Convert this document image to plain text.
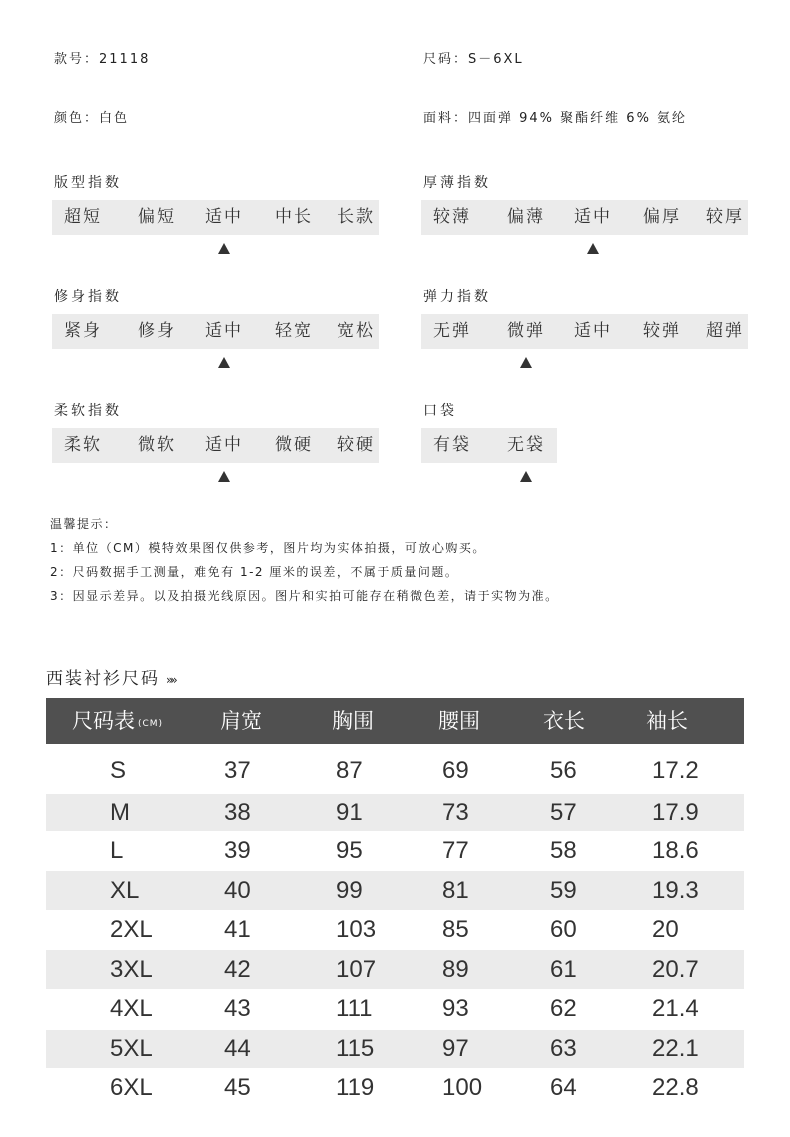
款号：21118	尺码：S－6XL
颜色：白色	面料：四面弹 94% 聚酯纤维 6% 氨纶
版型指数
超短	偏短	适中	中长	长款
厚薄指数
较薄	偏薄	适中	偏厚	较厚
修身指数
紧身	修身	适中	轻宽	宽松
弹力指数
无弹	微弹	适中	较弹	超弹
柔软指数
柔软	微软	适中	微硬	较硬
口袋
有袋	无袋
温馨提示：
1：单位（CM）模特效果图仅供参考，图片均为实体拍摄，可放心购买。
2：尺码数据手工测量，难免有 1-2 厘米的误差，不属于质量问题。
3：因显示差异。以及拍摄光线原因。图片和实拍可能存在稍微色差，请于实物为准。
西装衬衫尺码 »»
尺码表 (CM)	肩宽	胸围	腰围	衣长	袖长
S	37	87	69	56	17.2
M	38	91	73	57	17.9
L	39	95	77	58	18.6
XL	40	99	81	59	19.3
2XL	41	103	85	60	20
3XL	42	107	89	61	20.7
4XL	43	111	93	62	21.4
5XL	44	115	97	63	22.1
6XL	45	119	100	64	22.8
